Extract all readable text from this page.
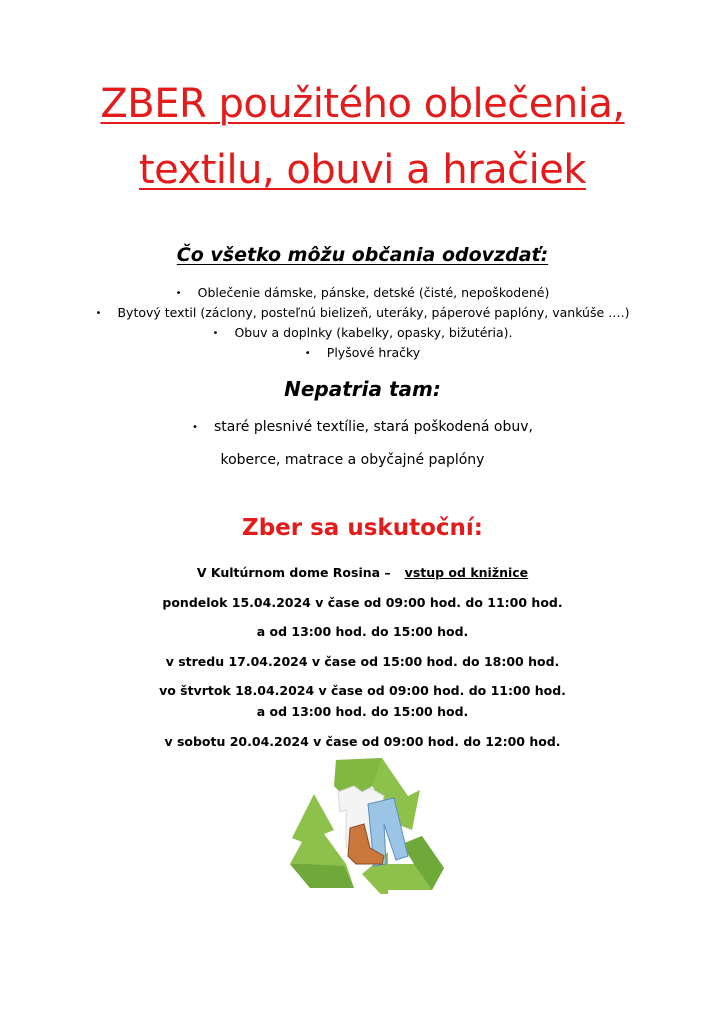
ZBER použitého oblečenia,
textilu, obuvi a hračiek
Čo všetko môžu občania odovzdať:
• Oblečenie dámske, pánske, detské (čisté, nepoškodené)
• Bytový textil (záclony, posteľnú bielizeň, uteráky, páperové paplóny, vankúše ….)
• Obuv a doplnky (kabelky, opasky, bižutéria).
• Plyšové hračky
Nepatria tam:
• staré plesnivé textílie, stará poškodená obuv,
koberce, matrace a obyčajné paplóny
Zber sa uskutoční:
V Kultúrnom dome Rosina – vstup od knižnice
pondelok 15.04.2024 v čase od 09:00 hod. do 11:00 hod.
a od 13:00 hod. do 15:00 hod.
v stredu 17.04.2024 v čase od 15:00 hod. do 18:00 hod.
vo štvrtok 18.04.2024 v čase od 09:00 hod. do 11:00 hod.
a od 13:00 hod. do 15:00 hod.
v sobotu 20.04.2024 v čase od 09:00 hod. do 12:00 hod.
